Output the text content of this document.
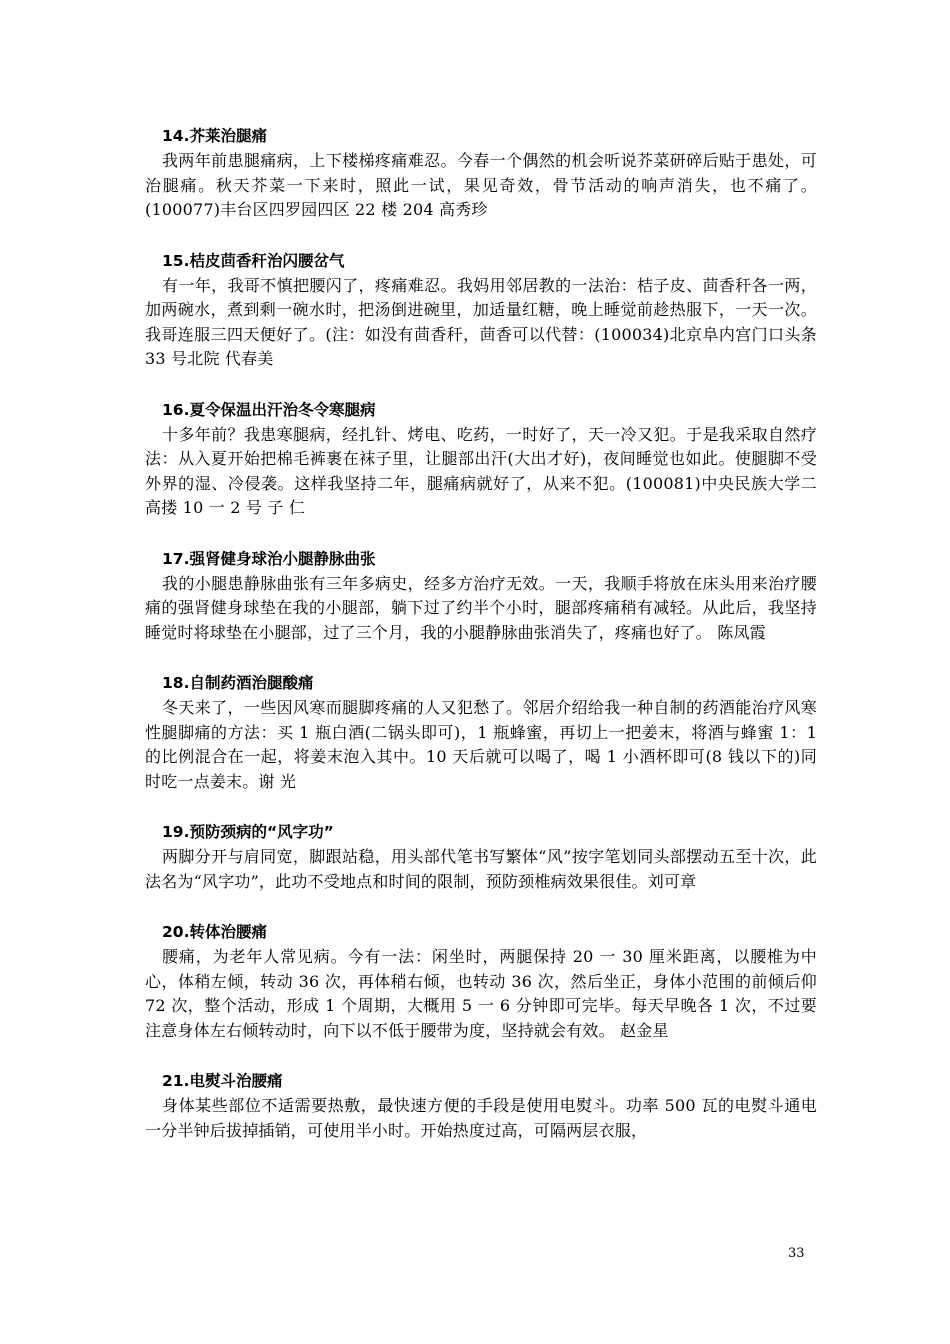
14.芥莱治腿痛

我两年前患腿痛病，上下楼梯疼痛难忍。今春一个偶然的机会听说芥菜研碎后贴于患处，可治腿痛。秋天芥菜一下来时，照此一试，果见奇效，骨节活动的响声消失，也不痛了。(100077)丰台区四罗园四区 22 楼 204 高秀珍

15.桔皮茴香秆治闪腰岔气

有一年，我哥不慎把腰闪了，疼痛难忍。我妈用邻居教的一法治：桔子皮、茴香秆各一两，加两碗水，煮到剩一碗水时，把汤倒进碗里，加适量红糖，晚上睡觉前趁热服下，一天一次。我哥连服三四天便好了。(注：如没有茴香秆，茴香可以代替：(100034)北京阜内宫门口头条 33 号北院 代春美

16.夏令保温出汗治冬令寒腿病

十多年前？我患寒腿病，经扎针、烤电、吃药，一时好了，天一冷又犯。于是我采取自然疗法：从入夏开始把棉毛裤裹在袜子里，让腿部出汗(大出才好)，夜间睡觉也如此。使腿脚不受外界的湿、冷侵袭。这样我坚持二年，腿痛病就好了，从来不犯。(100081)中央民族大学二高搂 10 一 2 号 子 仁

17.强肾健身球治小腿静脉曲张

我的小腿患静脉曲张有三年多病史，经多方治疗无效。一天，我顺手将放在床头用来治疗腰痛的强肾健身球垫在我的小腿部，躺下过了约半个小时，腿部疼痛稍有减轻。从此后，我坚持睡觉时将球垫在小腿部，过了三个月，我的小腿静脉曲张消失了，疼痛也好了。 陈凤霞

18.自制药酒治腿酸痛

冬天来了，一些因风寒而腿脚疼痛的人又犯愁了。邻居介绍给我一种自制的药酒能治疗风寒性腿脚痛的方法：买 1 瓶白酒(二锅头即可)，1 瓶蜂蜜，再切上一把姜末，将酒与蜂蜜 1：1 的比例混合在一起，将姜末泡入其中。10 天后就可以喝了，喝 1 小酒杯即可(8 钱以下的)同时吃一点姜末。谢 光

19.预防颈病的“风字功”

两脚分开与肩同宽，脚跟站稳，用头部代笔书写繁体“风”按字笔划同头部摆动五至十次，此法名为“风字功”，此功不受地点和时间的限制，预防颈椎病效果很佳。刘可章

20.转体治腰痛

腰痛，为老年人常见病。今有一法：闲坐时，两腿保持 20 一 30 厘米距离，以腰椎为中心，体稍左倾，转动 36 次，再体稍右倾，也转动 36 次，然后坐正，身体小范围的前倾后仰 72 次，整个活动，形成 1 个周期，大概用 5 一 6 分钟即可完毕。每天早晚各 1 次，不过要注意身体左右倾转动时，向下以不低于腰带为度，坚持就会有效。 赵金星

21.电熨斗治腰痛

身体某些部位不适需要热敷，最快速方便的手段是使用电熨斗。功率 500 瓦的电熨斗通电一分半钟后拔掉插销，可使用半小时。开始热度过高，可隔两层衣服，

33
